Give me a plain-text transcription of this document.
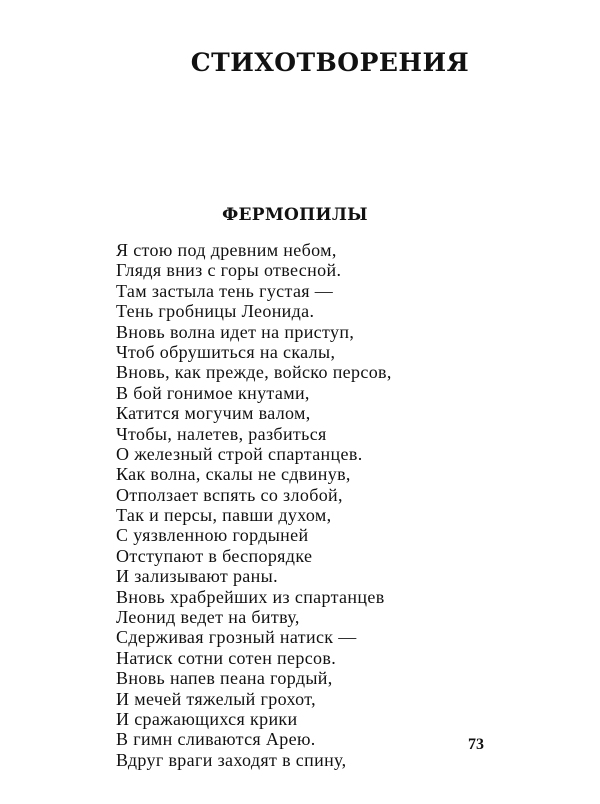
СТИХОТВОРЕНИЯ
ФЕРМОПИЛЫ
Я стою под древним небом,
Глядя вниз с горы отвесной.
Там застыла тень густая —
Тень гробницы Леонида.
Вновь волна идет на приступ,
Чтоб обрушиться на скалы,
Вновь, как прежде, войско персов,
В бой гонимое кнутами,
Катится могучим валом,
Чтобы, налетев, разбиться
О железный строй спартанцев.
Как волна, скалы не сдвинув,
Отползает вспять со злобой,
Так и персы, павши духом,
С уязвленною гордыней
Отступают в беспорядке
И зализывают раны.
Вновь храбрейших из спартанцев
Леонид ведет на битву,
Сдерживая грозный натиск —
Натиск сотни сотен персов.
Вновь напев пеана гордый,
И мечей тяжелый грохот,
И сражающихся крики
В гимн сливаются Арею.
Вдруг враги заходят в спину,
73
